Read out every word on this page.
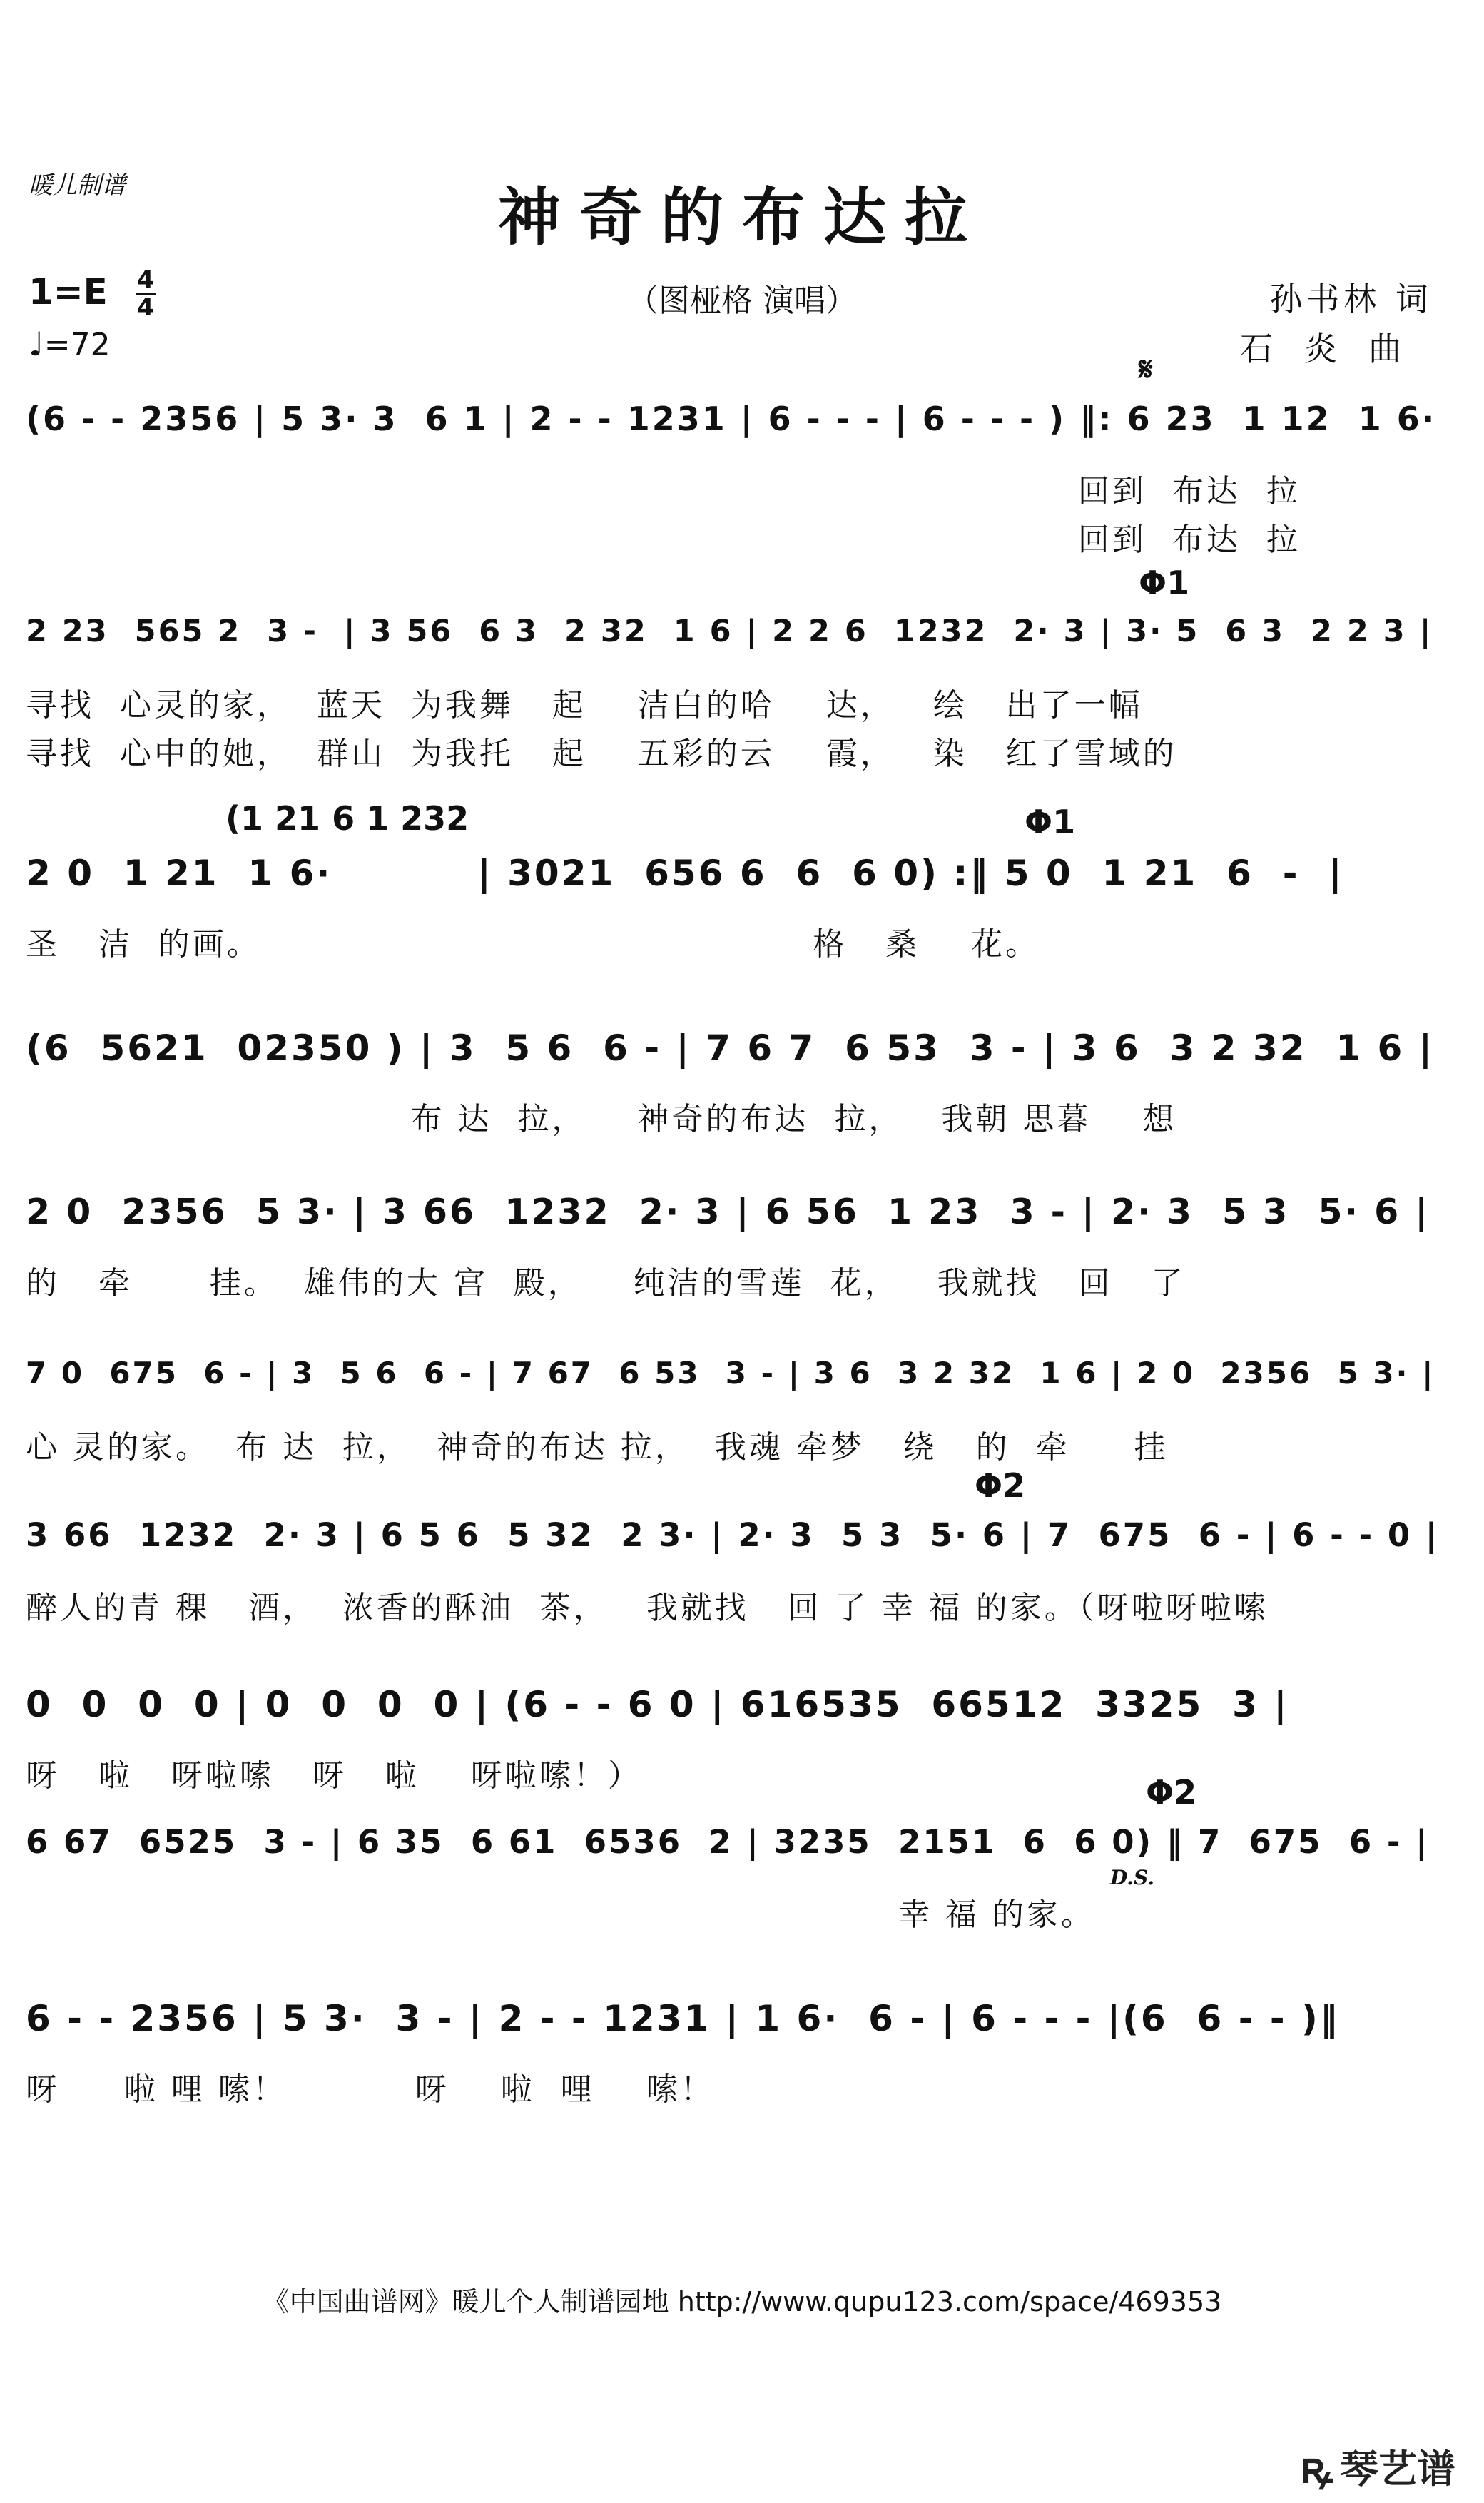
暖儿制谱	神奇的布达拉
1=E 4
4
♩=72
（图桠格 演唱）	孙书林 词
石炎曲
(6 - - 2356 | 5 3· 3  6 1 | 2 - - 1231 | 6 - - - | 6 - - - ) ‖: 6 23  1 12  1 6·
回到  布达  拉
回到  布达  拉
𝄋
2 23  565 2  3 -  | 3 56  6 3  2 32  1 6 | 2 2 6  1232  2· 3 | 3· 5  6 3  2 2 3 |
寻找  心灵的家，  蓝天  为我舞   起    洁白的哈    达，   绘   出了一幅
寻找  心中的她，  群山  为我托   起    五彩的云    霞，   染   红了雪域的
Φ1
2 0  1 21  1 6·          | 3021  656 6  6  6 0) :‖ 5 0  1 21  6  -  |
圣   洁  的画。                                           格   桑    花。
(1 21 6 1 232	Φ1
(6  5621  02350 ) | 3  5 6  6 - | 7 6 7  6 53  3 - | 3 6  3 2 32  1 6 |
布 达  拉，    神奇的布达  拉，   我朝 思暮    想
2 0  2356  5 3· | 3 66  1232  2· 3 | 6 56  1 23  3 - | 2· 3  5 3  5· 6 |
的   牵      挂。  雄伟的大 宫  殿，    纯洁的雪莲  花，   我就找   回   了
7 0  675  6 - | 3  5 6  6 - | 7 67  6 53  3 - | 3 6  3 2 32  1 6 | 2 0  2356  5 3· |
心 灵的家。  布 达  拉，  神奇的布达 拉，  我魂 牵梦   绕   的  牵     挂
3 66  1232  2· 3 | 6 5 6  5 32  2 3· | 2· 3  5 3  5· 6 | 7  675  6 - | 6 - - 0 |
醉人的青 稞   酒，  浓香的酥油  茶，   我就找   回 了 幸 福 的家。（呀啦呀啦嗦
Φ2
0  0  0  0 | 0  0  0  0 | (6 - - 6 0 | 616535  66512  3325  3 |
呀   啦   呀啦嗦   呀   啦    呀啦嗦！）
6 67  6525  3 - | 6 35  6 61  6536  2 | 3235  2151  6  6 0) ‖ 7  675  6 - |
幸 福 的家。
Φ2
D.S.
6 - - 2356 | 5 3·  3 - | 2 - - 1231 | 1 6·  6 - | 6 - - - |(6  6 - - )‖
呀     啦 哩 嗦！          呀    啦  哩    嗦！
《中国曲谱网》暖儿个人制谱园地 http://www.qupu123.com/space/469353
ꝶ 琴艺谱
